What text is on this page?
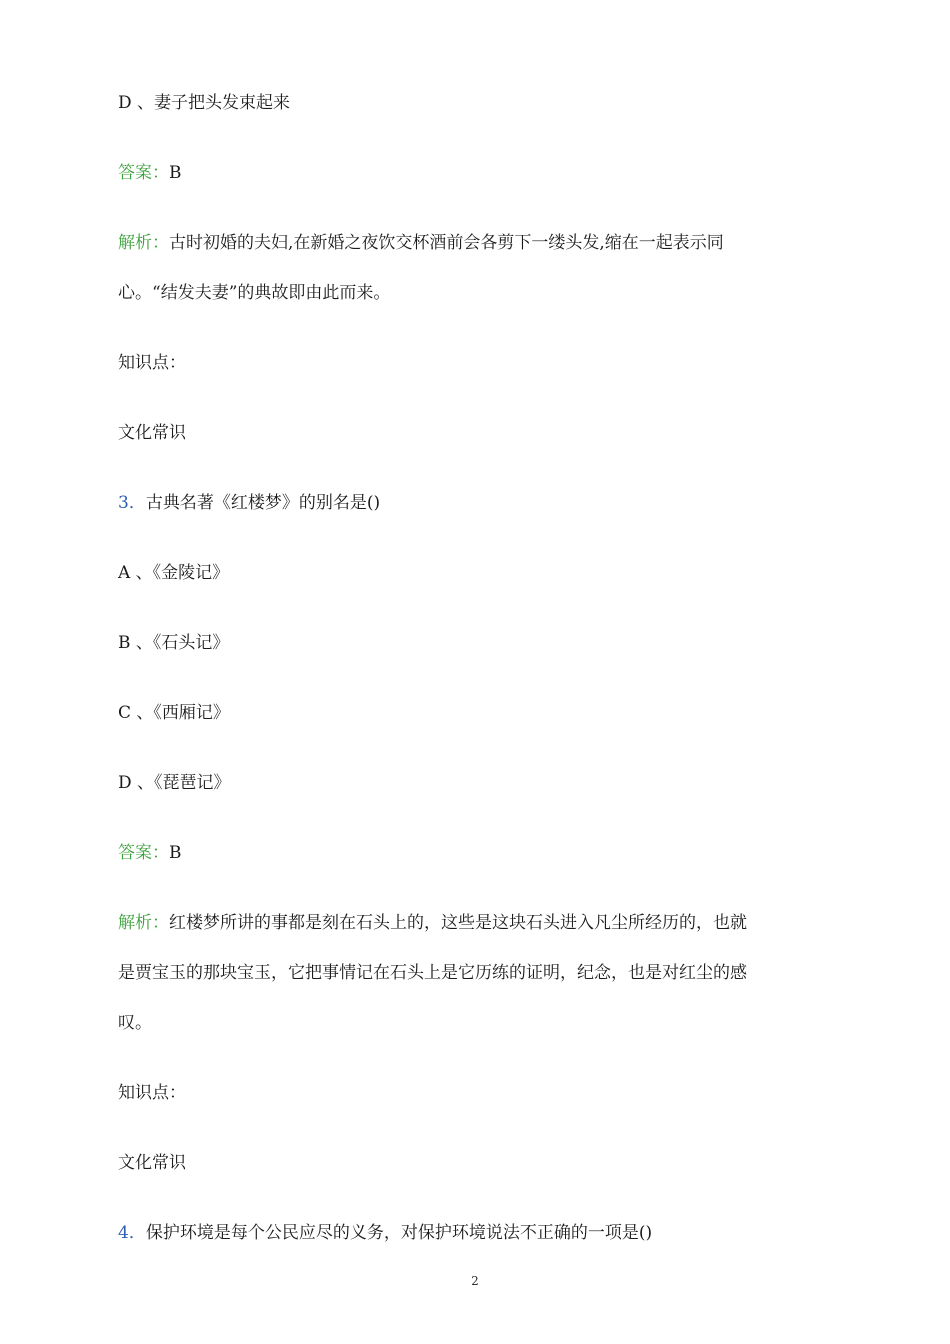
D 、妻子把头发束起来
答案：B
解析：古时初婚的夫妇,在新婚之夜饮交杯酒前会各剪下一缕头发,缩在一起表示同
心。“结发夫妻”的典故即由此而来。
知识点：
文化常识
3．古典名著《红楼梦》的别名是()
A 、《金陵记》
B 、《石头记》
C 、《西厢记》
D 、《琵琶记》
答案：B
解析：红楼梦所讲的事都是刻在石头上的，这些是这块石头进入凡尘所经历的，也就
是贾宝玉的那块宝玉，它把事情记在石头上是它历练的证明，纪念，也是对红尘的感
叹。
知识点：
文化常识
4．保护环境是每个公民应尽的义务，对保护环境说法不正确的一项是()
2
